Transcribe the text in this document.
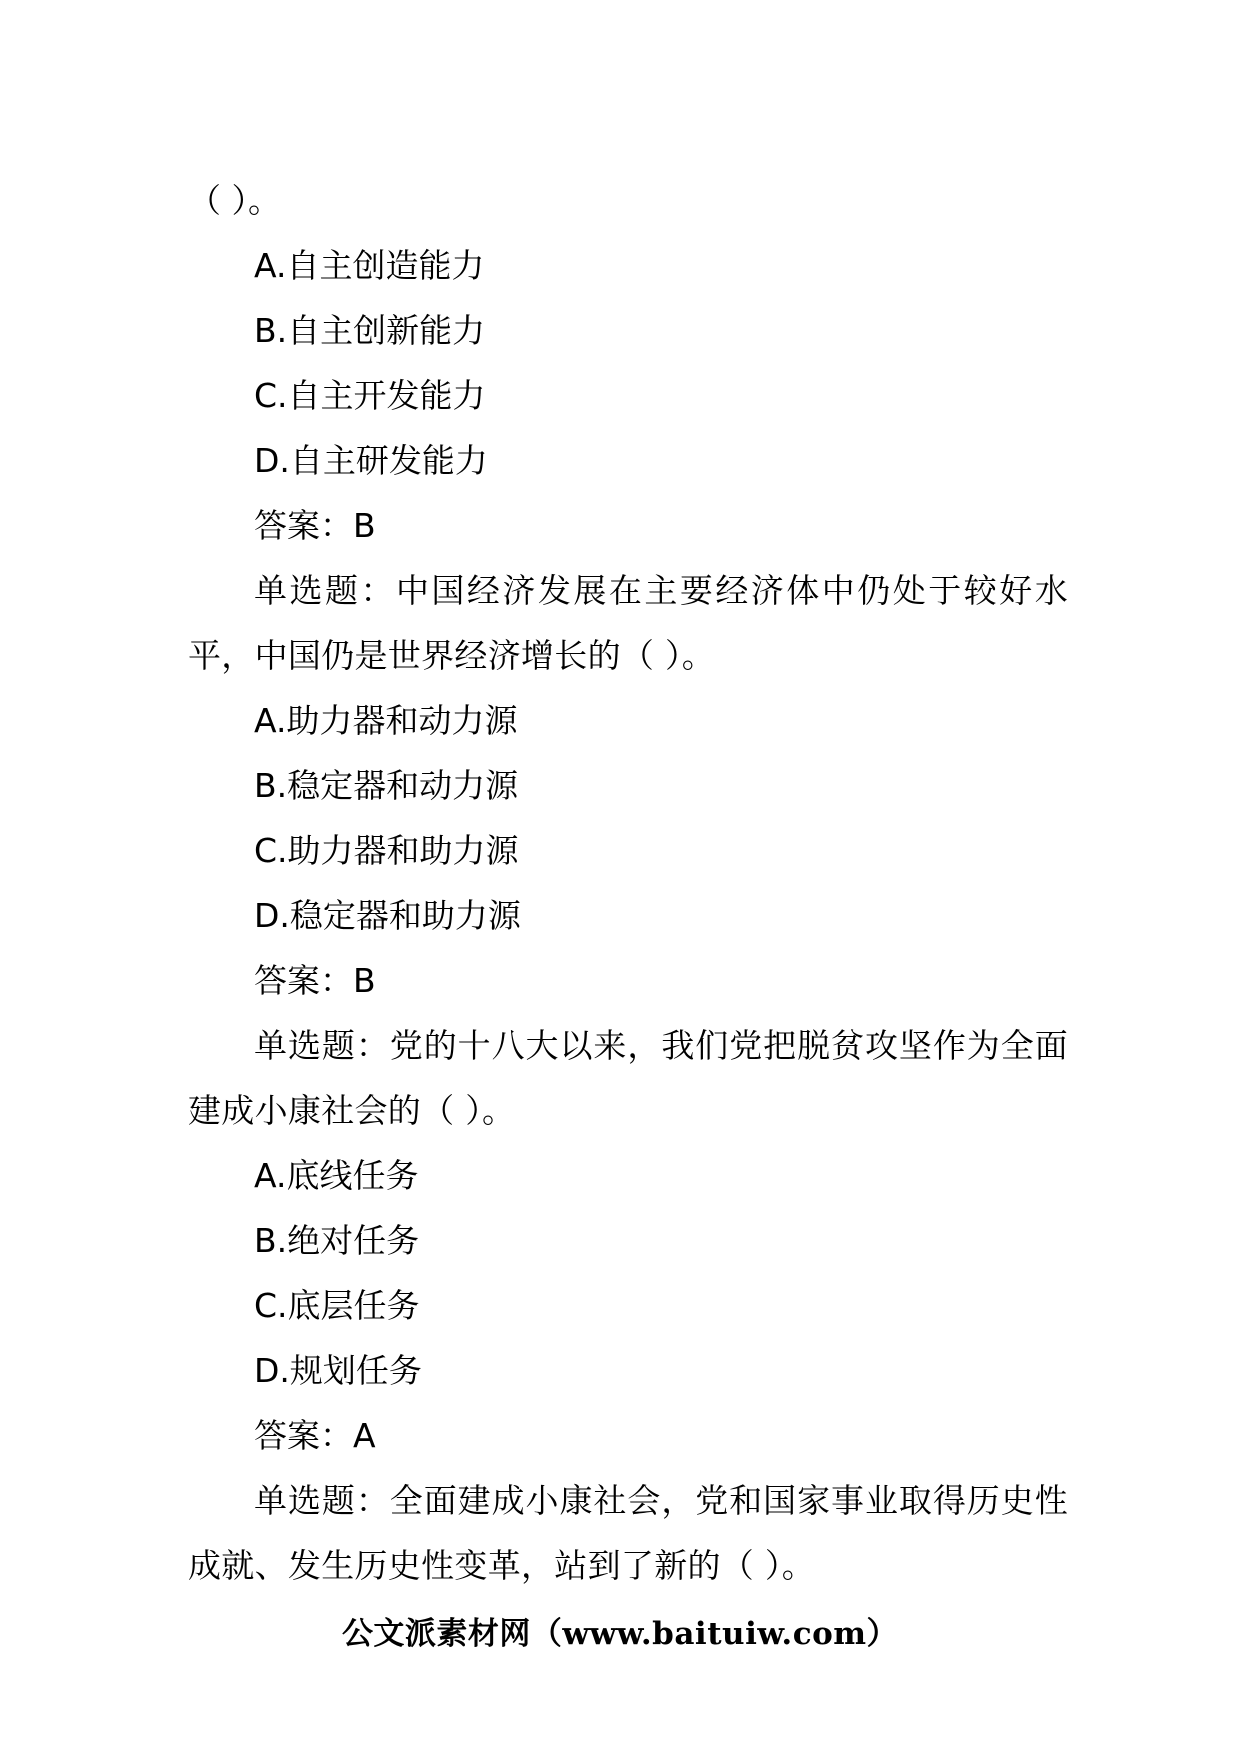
（ ）。
A.自主创造能力
B.自主创新能力
C.自主开发能力
D.自主研发能力
答案：B
单选题：中国经济发展在主要经济体中仍处于较好水平，中国仍是世界经济增长的（ ）。
A.助力器和动力源
B.稳定器和动力源
C.助力器和助力源
D.稳定器和助力源
答案：B
单选题：党的十八大以来，我们党把脱贫攻坚作为全面建成小康社会的（ ）。
A.底线任务
B.绝对任务
C.底层任务
D.规划任务
答案：A
单选题：全面建成小康社会，党和国家事业取得历史性成就、发生历史性变革，站到了新的（ ）。
公文派素材网（www.baituiw.com）
